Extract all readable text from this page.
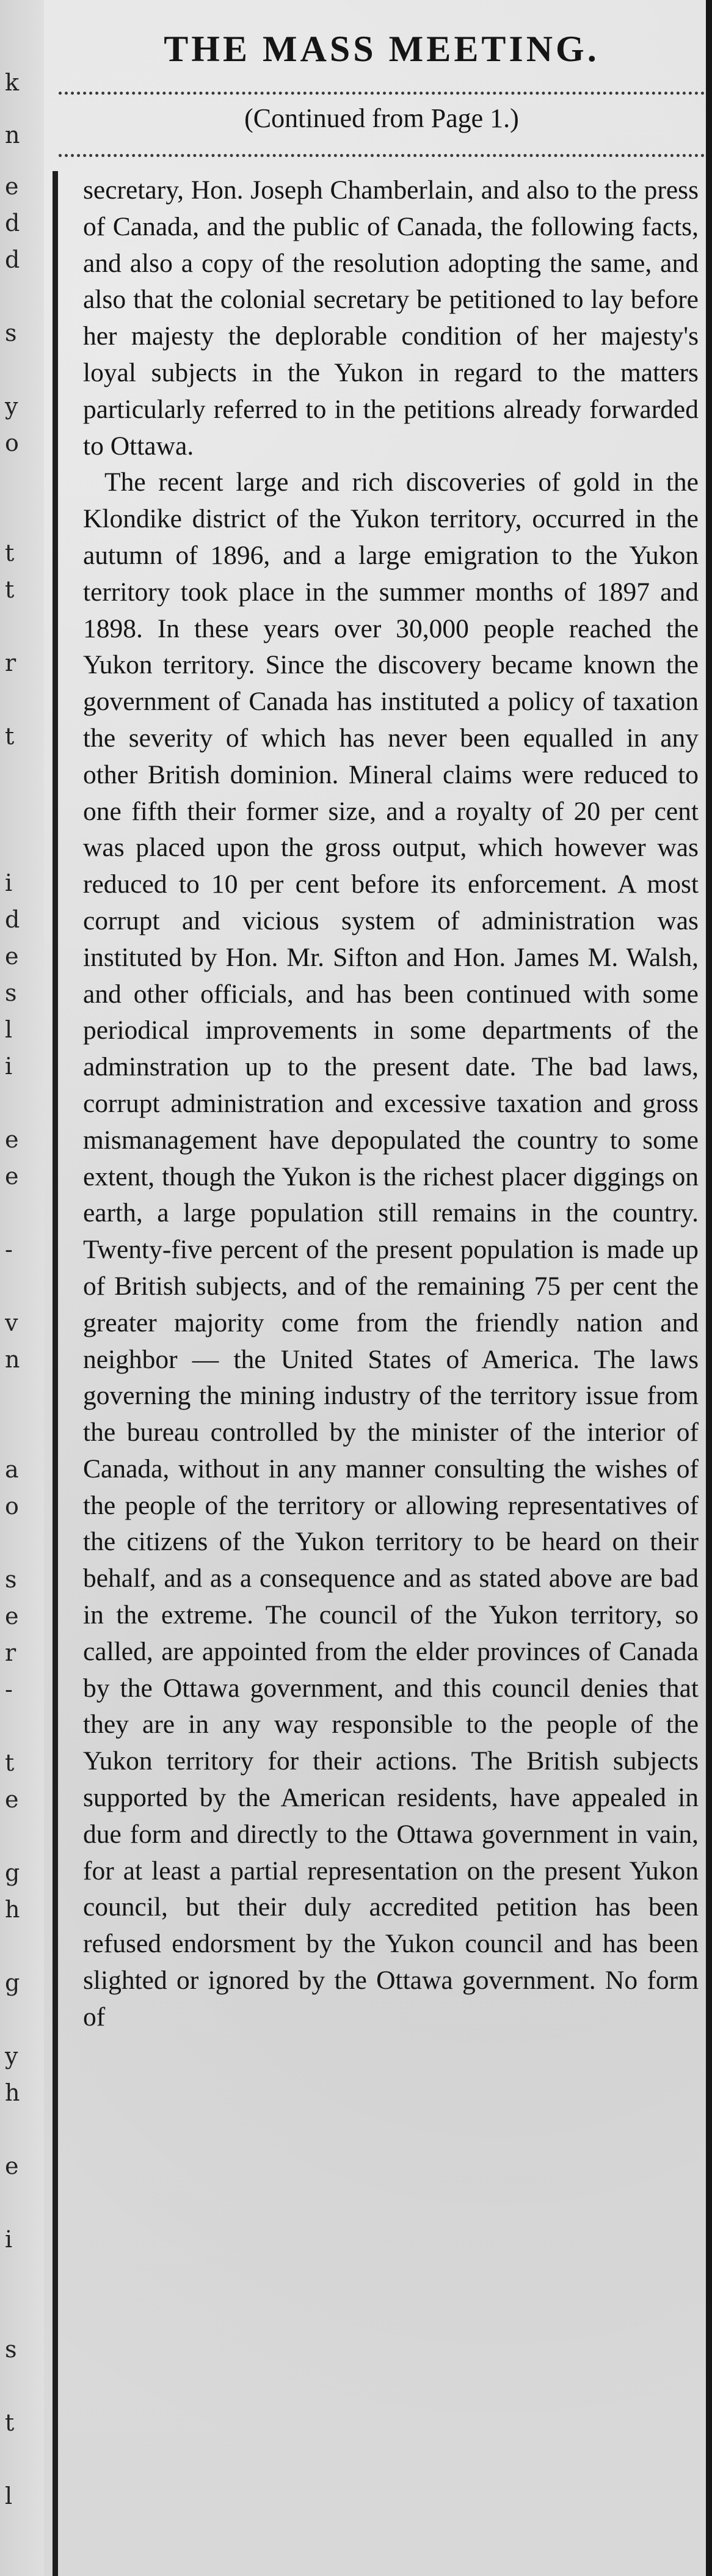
k
n
e
d
d
s
y
o
t
t
r
t
i
d
e
s
l
i
e
e
-
v
n
a
o
s
e
r
-
t
e
g
h
g
y
h
e
i
s
t
l
THE MASS MEETING.
(Continued from Page 1.)

secretary, Hon. Joseph Chamberlain, and also to the press of Canada, and the public of Canada, the following facts, and also a copy of the resolution adopting the same, and also that the colonial secretary be petitioned to lay before her majesty the deplorable condition of her majesty's loyal subjects in the Yukon in regard to the matters particularly referred to in the petitions already forwarded to Ottawa.

The recent large and rich discoveries of gold in the Klondike district of the Yukon territory, occurred in the autumn of 1896, and a large emigration to the Yukon territory took place in the summer months of 1897 and 1898. In these years over 30,000 people reached the Yukon territory. Since the discovery became known the government of Canada has instituted a policy of taxation the severity of which has never been equalled in any other British dominion. Mineral claims were reduced to one fifth their former size, and a royalty of 20 per cent was placed upon the gross output, which however was reduced to 10 per cent before its enforcement. A most corrupt and vicious system of administration was instituted by Hon. Mr. Sifton and Hon. James M. Walsh, and other officials, and has been continued with some periodical improvements in some departments of the adminstration up to the present date. The bad laws, corrupt administration and excessive taxation and gross mismanagement have depopulated the country to some extent, though the Yukon is the richest placer diggings on earth, a large population still remains in the country. Twenty-five percent of the present population is made up of British subjects, and of the remaining 75 per cent the greater majority come from the friendly nation and neighbor — the United States of America. The laws governing the mining industry of the territory issue from the bureau controlled by the minister of the interior of Canada, without in any manner consulting the wishes of the people of the territory or allowing representatives of the citizens of the Yukon territory to be heard on their behalf, and as a consequence and as stated above are bad in the extreme. The council of the Yukon territory, so called, are appointed from the elder provinces of Canada by the Ottawa government, and this council denies that they are in any way responsible to the people of the Yukon territory for their actions. The British subjects supported by the American residents, have appealed in due form and directly to the Ottawa government in vain, for at least a partial representation on the present Yukon council, but their duly accredited petition has been refused endorsment by the Yukon council and has been slighted or ignored by the Ottawa government. No form of
